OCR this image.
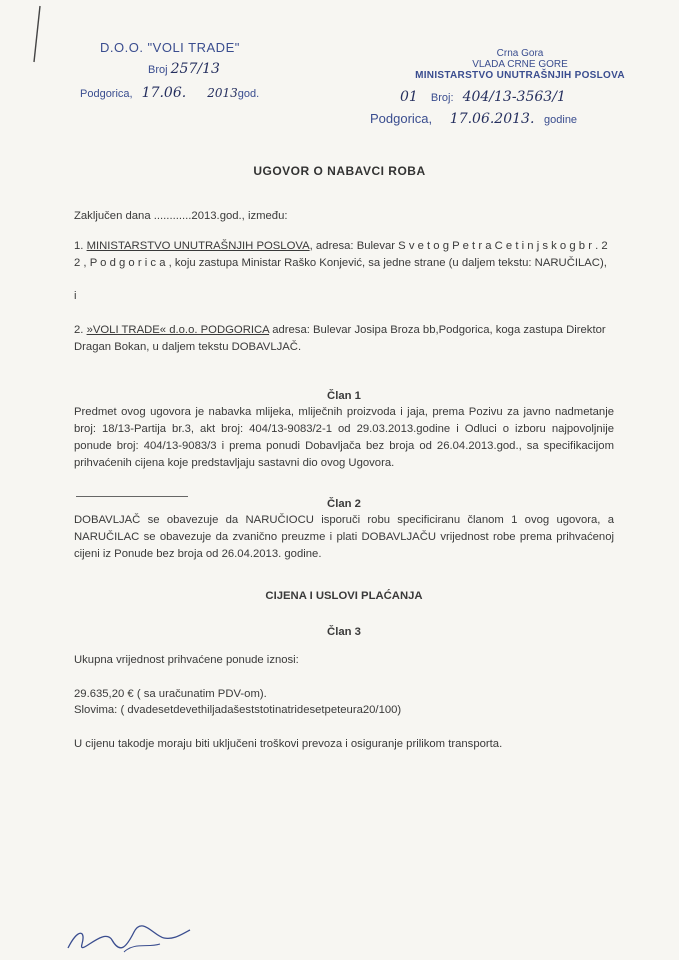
D.O.O. "VOLI TRADE"
Broj 257/13
Podgorica, 17.06. 2013god.
Crna Gora
VLADA CRNE GORE
MINISTARSTVO UNUTRAŠNJIH POSLOVA
01 Broj: 404/13-3563/1
Podgorica, 17.06.2013. godine
UGOVOR O NABAVCI ROBA
Zaključen dana ............2013.god., između:
1. MINISTARSTVO UNUTRAŠNJIH POSLOVA, adresa: Bulevar S v e t o g P e t r a C e t i n j s k o g b r . 2 2 , P o d g o r i c a , koju zastupa Ministar Raško Konjević, sa jedne strane (u daljem tekstu: NARUČILAC),
i
2. »VOLI TRADE« d.o.o. PODGORICA adresa: Bulevar Josipa Broza bb,Podgorica, koga zastupa Direktor Dragan Bokan, u daljem tekstu DOBAVLJAČ.
Član 1
Predmet ovog ugovora je nabavka mlijeka, mliječnih proizvoda i jaja, prema Pozivu za javno nadmetanje broj: 18/13-Partija br.3, akt broj: 404/13-9083/2-1 od 29.03.2013.godine i Odluci o izboru najpovoljnije ponude broj: 404/13-9083/3 i prema ponudi Dobavljača bez broja od 26.04.2013.god., sa specifikacijom prihvaćenih cijena koje predstavljaju sastavni dio ovog Ugovora.
Član 2
DOBAVLJAČ se obavezuje da NARUČIOCU isporuči robu specificiranu članom 1 ovog ugovora, a NARUČILAC se obavezuje da zvanično preuzme i plati DOBAVLJAČU vrijednost robe prema prihvaćenoj cijeni iz Ponude bez broja od 26.04.2013. godine.
CIJENA I USLOVI PLAĆANJA
Član 3
Ukupna vrijednost prihvaćene ponude iznosi:
29.635,20 € ( sa uračunatim PDV-om).
Slovima: ( dvadesetdevethiljadašeststotinatridesetpeteura20/100)
U cijenu takodje moraju biti uključeni troškovi prevoza i osiguranje prilikom transporta.
